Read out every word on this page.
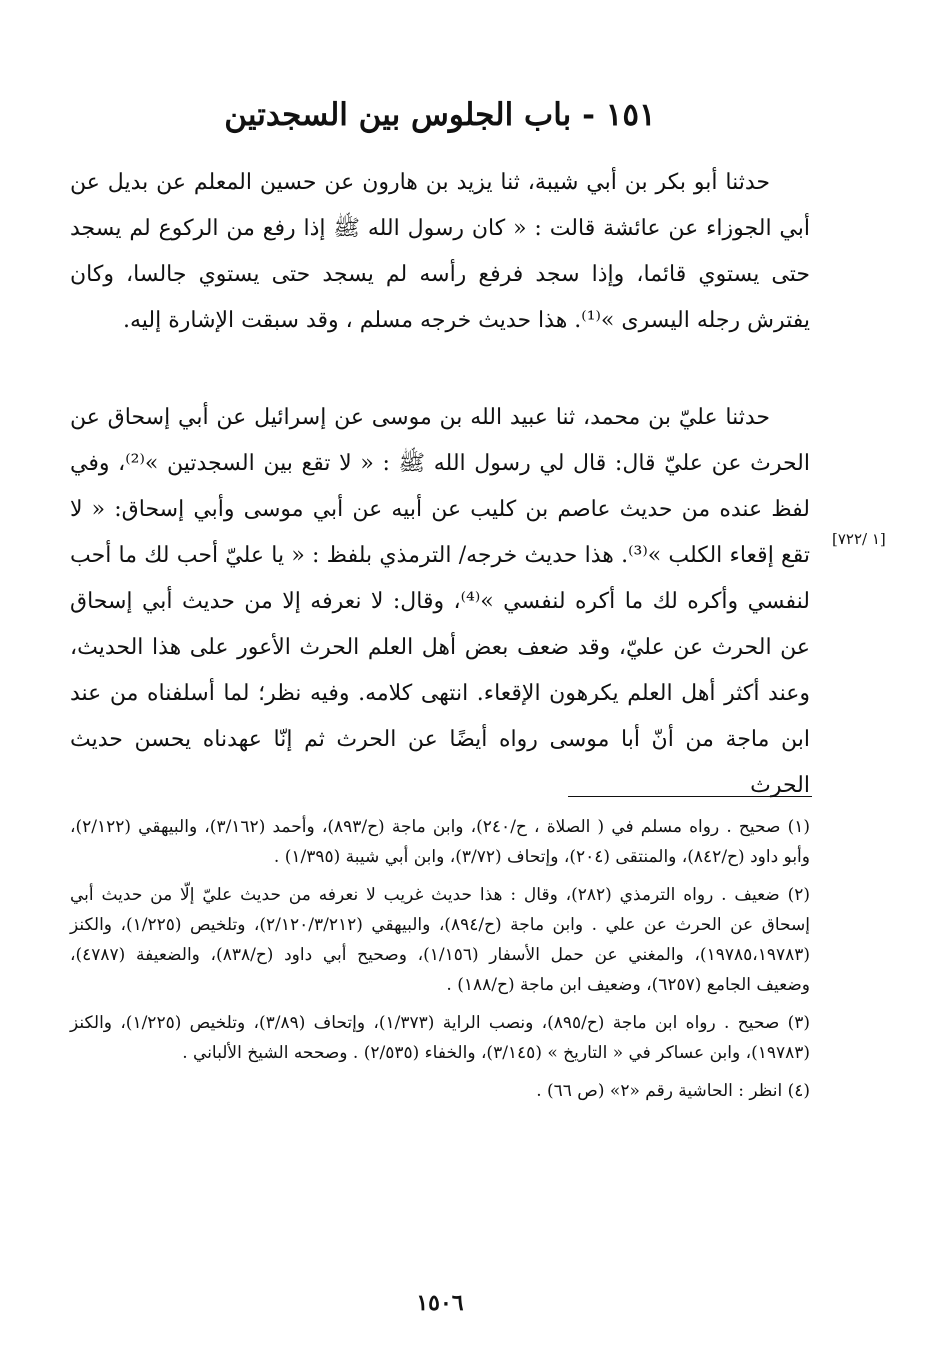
١٥١ - باب الجلوس بين السجدتين

حدثنا أبو بكر بن أبي شيبة، ثنا يزيد بن هارون عن حسين المعلم عن بديل عن أبي الجوزاء عن عائشة قالت : « كان رسول الله ﷺ إذا رفع من الركوع لم يسجد حتى يستوي قائما، وإذا سجد فرفع رأسه لم يسجد حتى يستوي جالسا، وكان يفترش رجله اليسرى »⁽¹⁾. هذا حديث خرجه مسلم ، وقد سبقت الإشارة إليه.

حدثنا عليّ بن محمد، ثنا عبيد الله بن موسى عن إسرائيل عن أبي إسحاق عن الحرث عن عليّ قال: قال لي رسول الله ﷺ : « لا تقع بين السجدتين »⁽²⁾، وفي لفظ عنده من حديث عاصم بن كليب عن أبيه عن أبي موسى وأبي إسحاق: « لا تقع إقعاء الكلب »⁽³⁾. هذا حديث خرجه/ الترمذي بلفظ : « يا عليّ أحب لك ما أحب لنفسي وأكره لك ما أكره لنفسي »⁽⁴⁾، وقال: لا نعرفه إلا من حديث أبي إسحاق عن الحرث عن عليّ، وقد ضعف بعض أهل العلم الحرث الأعور على هذا الحديث، وعند أكثر أهل العلم يكرهون الإقعاء. انتهى كلامه. وفيه نظر؛ لما أسلفناه من عند ابن ماجة من أنّ أبا موسى رواه أيضًا عن الحرث ثم إنّا عهدناه يحسن حديث الحرث

[١ /٧٢٢]

(١) صحيح . رواه مسلم في ( الصلاة ، ح/٢٤٠)، وابن ماجة (ح/٨٩٣)، وأحمد (٣/١٦٢)، والبيهقي (٢/١٢٢)، وأبو داود (ح/٨٤٢)، والمنتقى (٢٠٤)، وإتحاف (٣/٧٢)، وابن أبي شيبة (١/٣٩٥) .

(٢) ضعيف . رواه الترمذي (٢٨٢)، وقال : هذا حديث غريب لا نعرفه من حديث عليّ إلّا من حديث أبي إسحاق عن الحرث عن علي . وابن ماجة (ح/٨٩٤)، والبيهقي (٢/١٢٠/٣/٢١٢)، وتلخيص (١/٢٢٥)، والكنز (١٩٧٨٥،١٩٧٨٣)، والمغني عن حمل الأسفار (١/١٥٦)، وصحيح أبي داود (ح/٨٣٨)، والضعيفة (٤٧٨٧)، وضعيف الجامع (٦٢٥٧)، وضعيف ابن ماجة (ح/١٨٨) .

(٣) صحيح . رواه ابن ماجة (ح/٨٩٥)، ونصب الراية (١/٣٧٣)، وإتحاف (٣/٨٩)، وتلخيص (١/٢٢٥)، والكنز (١٩٧٨٣)، وابن عساكر في « التاريخ » (٣/١٤٥)، والخفاء (٢/٥٣٥) . وصححه الشيخ الألباني .

(٤) انظر : الحاشية رقم «٢» (ص ٦٦) .

١٥٠٦
